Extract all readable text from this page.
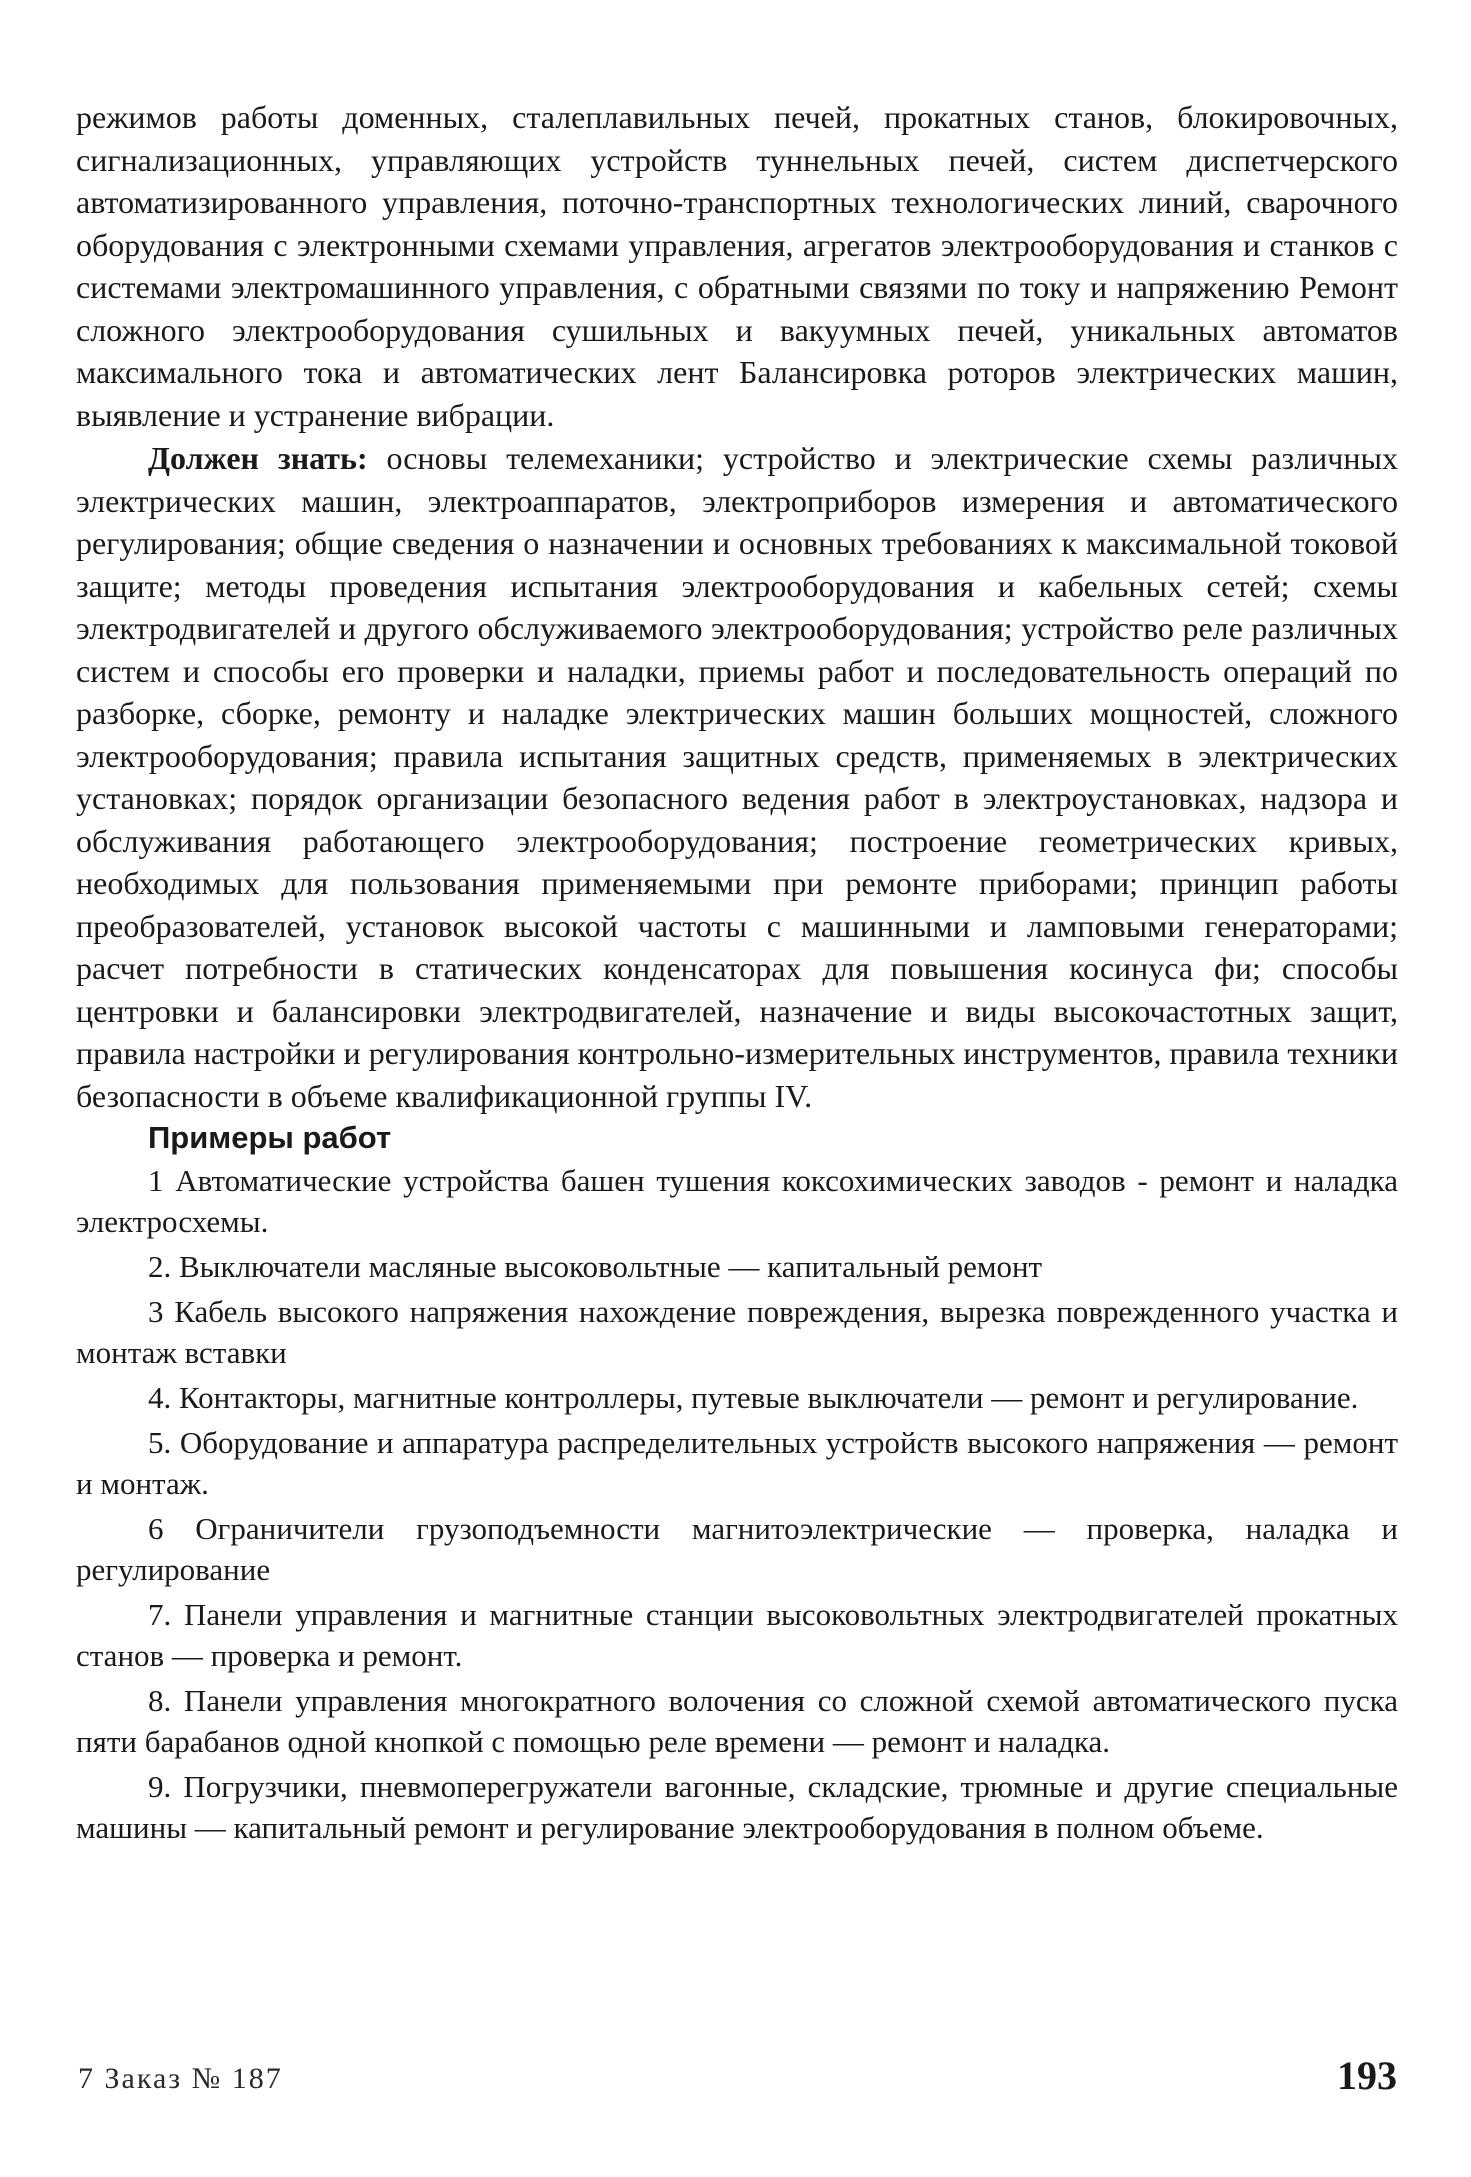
режимов работы доменных, сталеплавильных печей, прокатных станов, блокировочных, сигнализационных, управляющих устройств туннельных печей, систем диспетчерского автоматизированного управления, поточно-транспортных технологических линий, сварочного оборудования с электронными схемами управления, агрегатов электрооборудования и станков с системами электромашинного управления, с обратными связями по току и напряжению Ремонт сложного электрооборудования сушильных и вакуумных печей, уникальных автоматов максимального тока и автоматических лент Балансировка роторов электрических машин, выявление и устранение вибрации.

Должен знать: основы телемеханики; устройство и электрические схемы различных электрических машин, электроаппаратов, электроприборов измерения и автоматического регулирования; общие сведения о назначении и основных требованиях к максимальной токовой защите; методы проведения испытания электрооборудования и кабельных сетей; схемы электродвигателей и другого обслуживаемого электрооборудования; устройство реле различных систем и способы его проверки и наладки, приемы работ и последовательность операций по разборке, сборке, ремонту и наладке электрических машин больших мощностей, сложного электрооборудования; правила испытания защитных средств, применяемых в электрических установках; порядок организации безопасного ведения работ в электроустановках, надзора и обслуживания работающего электрооборудования; построение геометрических кривых, необходимых для пользования применяемыми при ремонте приборами; принцип работы преобразователей, установок высокой частоты с машинными и ламповыми генераторами; расчет потребности в статических конденсаторах для повышения косинуса фи; способы центровки и балансировки электродвигателей, назначение и виды высокочастотных защит, правила настройки и регулирования контрольно-измерительных инструментов, правила техники безопасности в объеме квалификационной группы IV.

Примеры работ

1 Автоматические устройства башен тушения коксохимических заводов - ремонт и наладка электросхемы.

2. Выключатели масляные высоковольтные — капитальный ремонт

3 Кабель высокого напряжения нахождение повреждения, вырезка поврежденного участка и монтаж вставки

4. Контакторы, магнитные контроллеры, путевые выключатели — ремонт и регулирование.

5. Оборудование и аппаратура распределительных устройств высокого напряжения — ремонт и монтаж.

6 Ограничители грузоподъемности магнитоэлектрические — проверка, наладка и регулирование

7. Панели управления и магнитные станции высоковольтных электродвигателей прокатных станов — проверка и ремонт.

8. Панели управления многократного волочения со сложной схемой автоматического пуска пяти барабанов одной кнопкой с помощью реле времени — ремонт и наладка.

9. Погрузчики, пневмоперегружатели вагонные, складские, трюмные и другие специальные машины — капитальный ремонт и регулирование электрооборудования в полном объеме.

7 Заказ № 187	193
